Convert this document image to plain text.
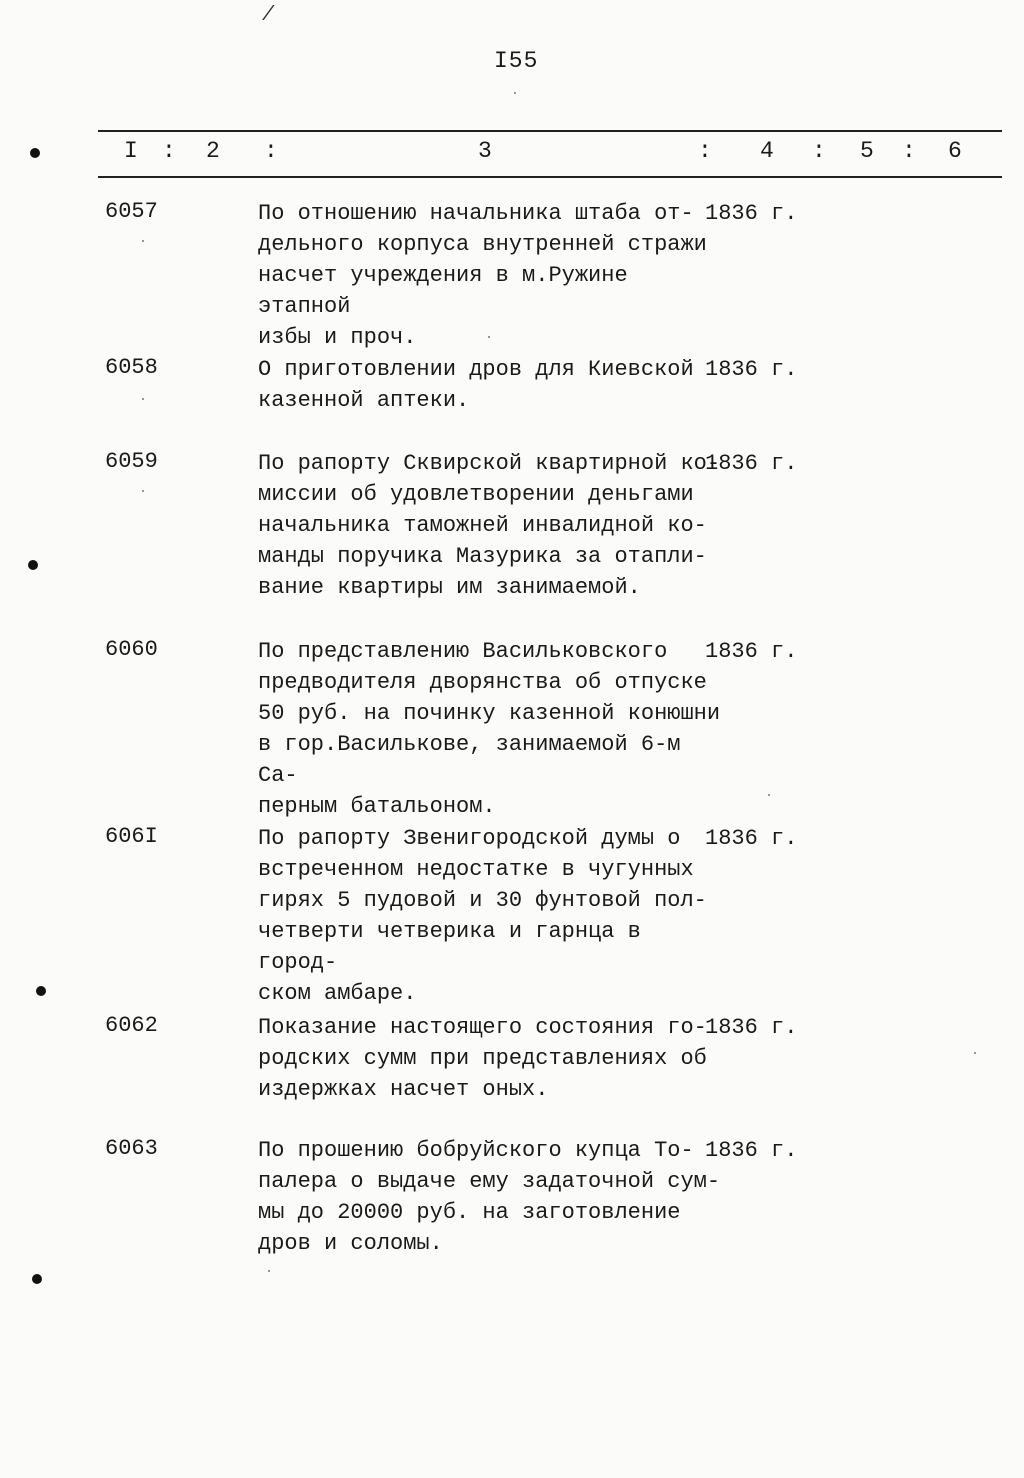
/
I55
I : 2 :	3	: 4 : 5 : 6
6057	По отношению начальника штаба от-
дельного корпуса внутренней стражи
насчет учреждения в м.Ружине этапной
избы и проч.
1836 г.
6058	О приготовлении дров для Киевской
казенной аптеки.
1836 г.
6059	По рапорту Сквирской квартирной ко-
миссии об удовлетворении деньгами
начальника таможней инвалидной ко-
манды поручика Мазурика за отапли-
вание квартиры им занимаемой.
1836 г.
6060	По представлению Васильковского
предводителя дворянства об отпуске
50 руб. на починку казенной конюшни
в гор.Василькове, занимаемой 6-м Са-
перным батальоном.
1836 г.
606I	По рапорту Звенигородской думы о
встреченном недостатке в чугунных
гирях 5 пудовой и 30 фунтовой пол-
четверти четверика и гарнца в город-
ском амбаре.
1836 г.
6062	Показание настоящего состояния го-
родских сумм при представлениях об
издержках насчет оных.
1836 г.
6063	По прошению бобруйского купца То-
палера о выдаче ему задаточной сум-
мы до 20000 руб. на заготовление
дров и соломы.
1836 г.
